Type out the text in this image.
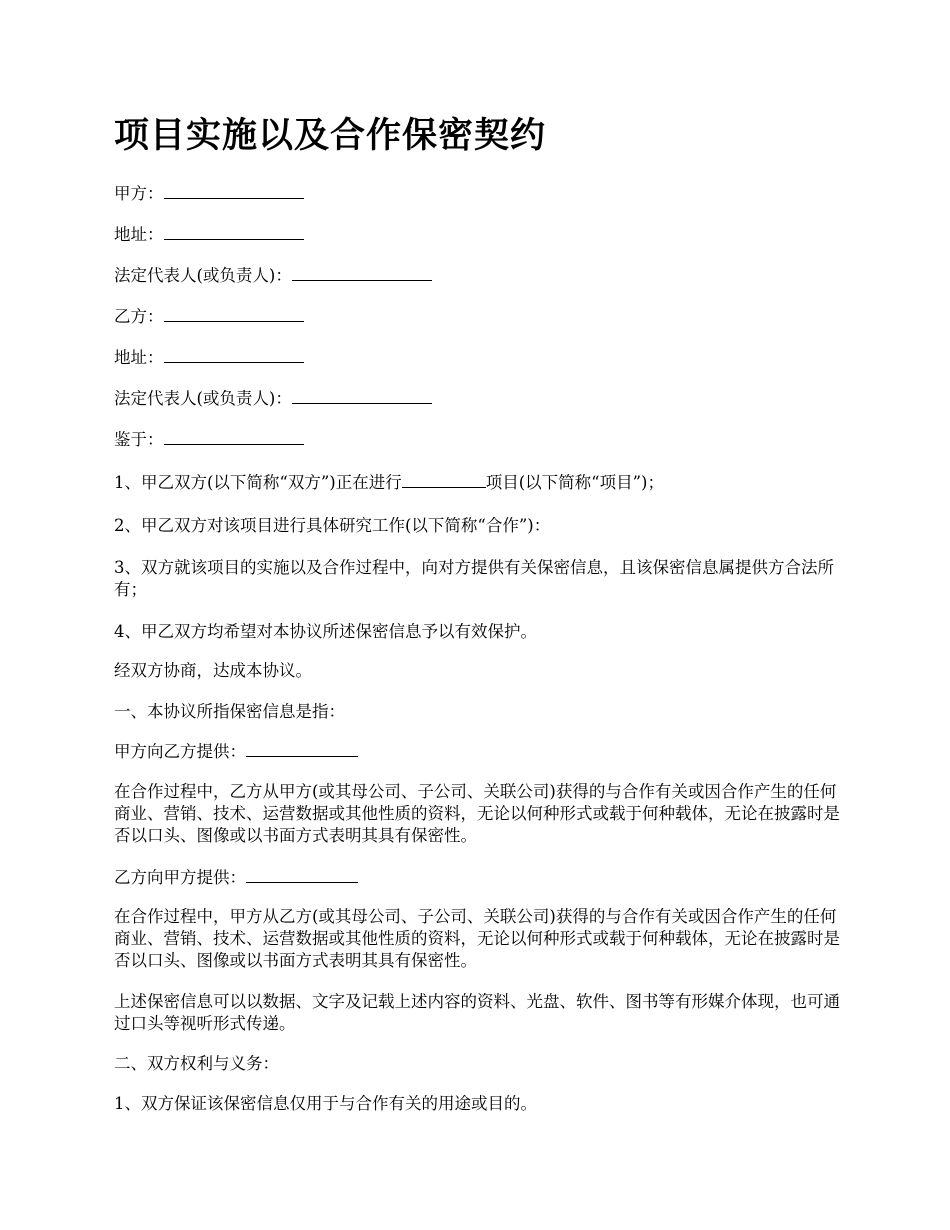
项目实施以及合作保密契约

甲方：

地址：

法定代表人(或负责人)：

乙方：

地址：

法定代表人(或负责人)：

鉴于：

1、甲乙双方(以下简称“双方”)正在进行	项目(以下简称“项目”)；

2、甲乙双方对该项目进行具体研究工作(以下简称“合作”)：

3、双方就该项目的实施以及合作过程中，向对方提供有关保密信息，且该保密信息属提供方合法所有；

4、甲乙双方均希望对本协议所述保密信息予以有效保护。

经双方协商，达成本协议。

一、本协议所指保密信息是指：

甲方向乙方提供：

在合作过程中，乙方从甲方(或其母公司、子公司、关联公司)获得的与合作有关或因合作产生的任何商业、营销、技术、运营数据或其他性质的资料，无论以何种形式或载于何种载体，无论在披露时是否以口头、图像或以书面方式表明其具有保密性。

乙方向甲方提供：

在合作过程中，甲方从乙方(或其母公司、子公司、关联公司)获得的与合作有关或因合作产生的任何商业、营销、技术、运营数据或其他性质的资料，无论以何种形式或载于何种载体，无论在披露时是否以口头、图像或以书面方式表明其具有保密性。

上述保密信息可以以数据、文字及记载上述内容的资料、光盘、软件、图书等有形媒介体现，也可通过口头等视听形式传递。

二、双方权利与义务：

1、双方保证该保密信息仅用于与合作有关的用途或目的。
